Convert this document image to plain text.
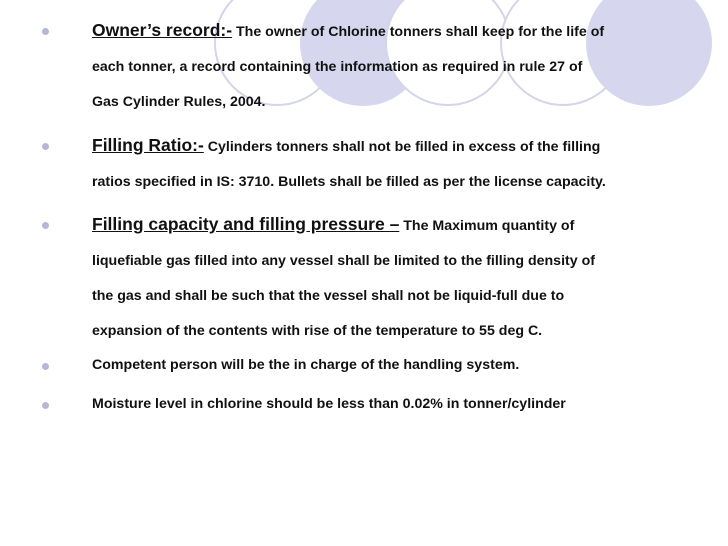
Owner’s record:- The owner of Chlorine tonners shall keep for the life of
each tonner, a record containing the information as required in rule 27 of
Gas Cylinder Rules, 2004.
Filling Ratio:- Cylinders tonners shall not be filled in excess of the filling
ratios specified in IS: 3710. Bullets shall be filled as per the license capacity.
Filling capacity and filling pressure – The Maximum quantity of
liquefiable gas filled into any vessel shall be limited to the filling density of
the gas and shall be such that the vessel shall not be liquid-full due to
expansion of the contents with rise of the temperature to 55 deg C.
Competent person will be the in charge of the handling system.
Moisture level in chlorine should be less than 0.02% in tonner/cylinder
